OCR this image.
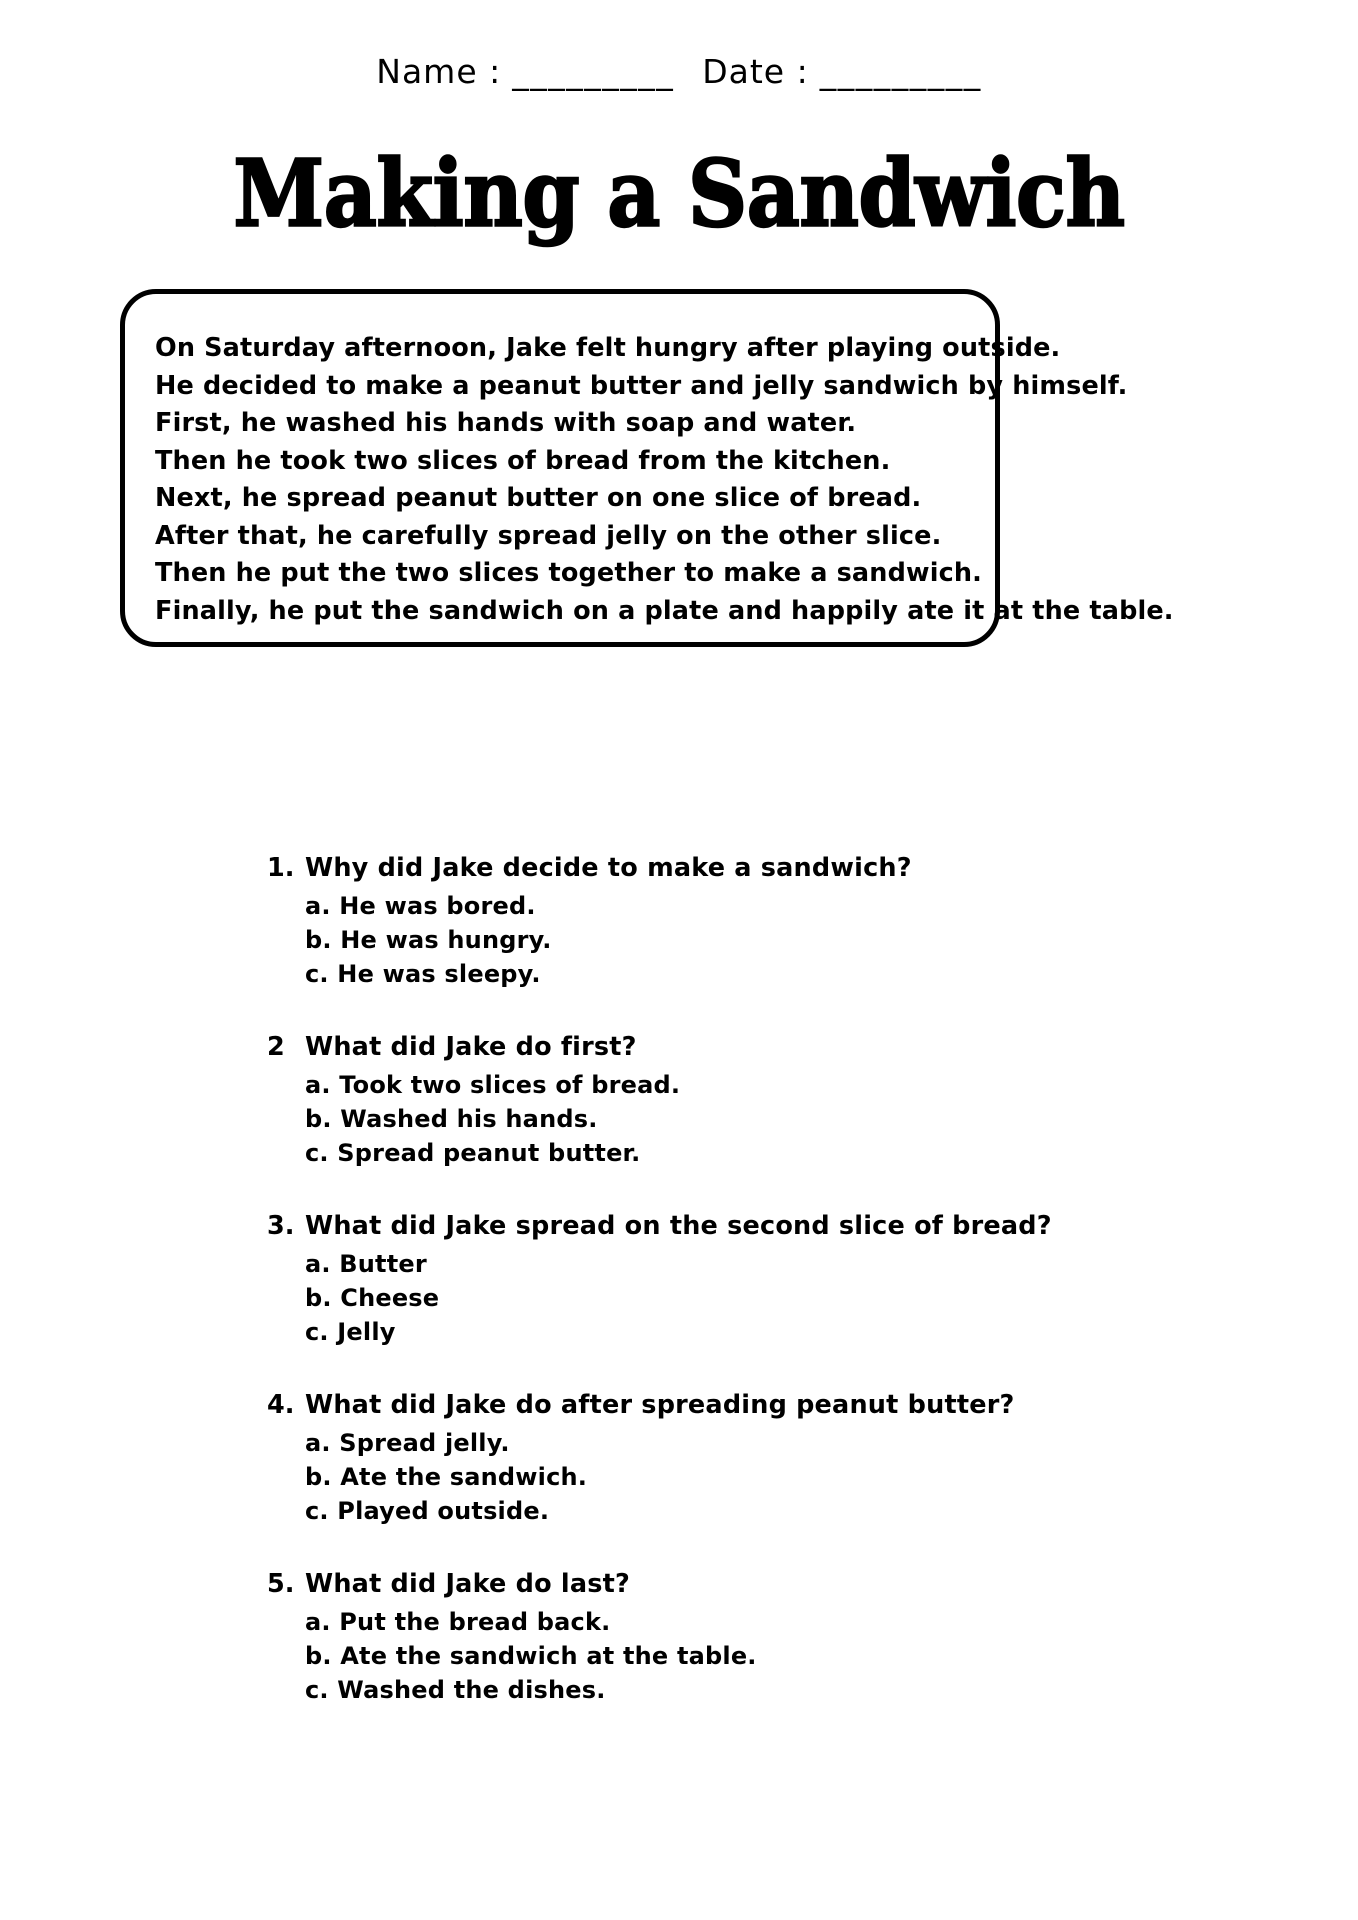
Name : _________ Date : _________
Making a Sandwich
On Saturday afternoon, Jake felt hungry after playing outside.
He decided to make a peanut butter and jelly sandwich by himself.
First, he washed his hands with soap and water.
Then he took two slices of bread from the kitchen.
Next, he spread peanut butter on one slice of bread.
After that, he carefully spread jelly on the other slice.
Then he put the two slices together to make a sandwich.
Finally, he put the sandwich on a plate and happily ate it at the table.
1. Why did Jake decide to make a sandwich?
a. He was bored.
b. He was hungry.
c. He was sleepy.
2 What did Jake do first?
a. Took two slices of bread.
b. Washed his hands.
c. Spread peanut butter.
3. What did Jake spread on the second slice of bread?
a. Butter
b. Cheese
c. Jelly
4. What did Jake do after spreading peanut butter?
a. Spread jelly.
b. Ate the sandwich.
c. Played outside.
5. What did Jake do last?
a. Put the bread back.
b. Ate the sandwich at the table.
c. Washed the dishes.
